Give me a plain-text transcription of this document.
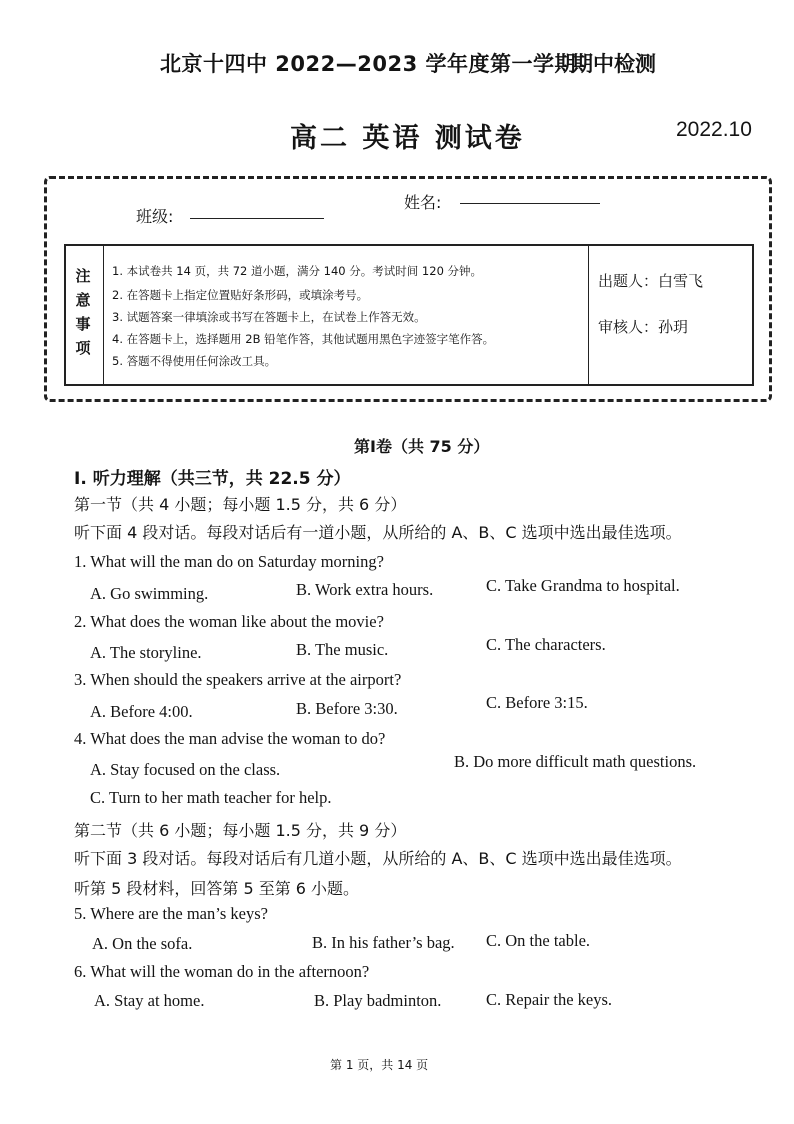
北京十四中 2022—2023 学年度第一学期
期中检测
高二 英语 测试卷	2022.10
班级:
姓名:
注意事项
1. 本试卷共 14 页，共 72 道小题，满分 140 分。考试时间 120 分钟。
2. 在答题卡上指定位置贴好条形码，或填涂考号。
3. 试题答案一律填涂或书写在答题卡上，在试卷上作答无效。
4. 在答题卡上，选择题用 2B 铅笔作答，其他试题用黑色字迹签字笔作答。
5. 答题不得使用任何涂改工具。
出题人：白雪飞
审核人：孙玥
第Ⅰ卷（共 75 分）
I. 听力理解（共三节，共 22.5 分）
第一节（共 4 小题；每小题 1.5 分，共 6 分）
听下面 4 段对话。每段对话后有一道小题，从所给的 A、B、C 选项中选出最佳选项。
1. What will the man do on Saturday morning?
A. Go swimming.	B. Work extra hours.	C. Take Grandma to hospital.
2. What does the woman like about the movie?
A. The storyline.	B. The music.	C. The characters.
3. When should the speakers arrive at the airport?
A. Before 4:00.	B. Before 3:30.	C. Before 3:15.
4. What does the man advise the woman to do?
A. Stay focused on the class.	B. Do more difficult math questions.
C. Turn to her math teacher for help.
第二节（共 6 小题；每小题 1.5 分，共 9 分）
听下面 3 段对话。每段对话后有几道小题，从所给的 A、B、C 选项中选出最佳选项。
听第 5 段材料，回答第 5 至第 6 小题。
5. Where are the man’s keys?
A. On the sofa.	B. In his father’s bag. C. On the table.
6. What will the woman do in the afternoon?
A. Stay at home.	B. Play badminton.	C. Repair the keys.
第 1 页，共 14 页
